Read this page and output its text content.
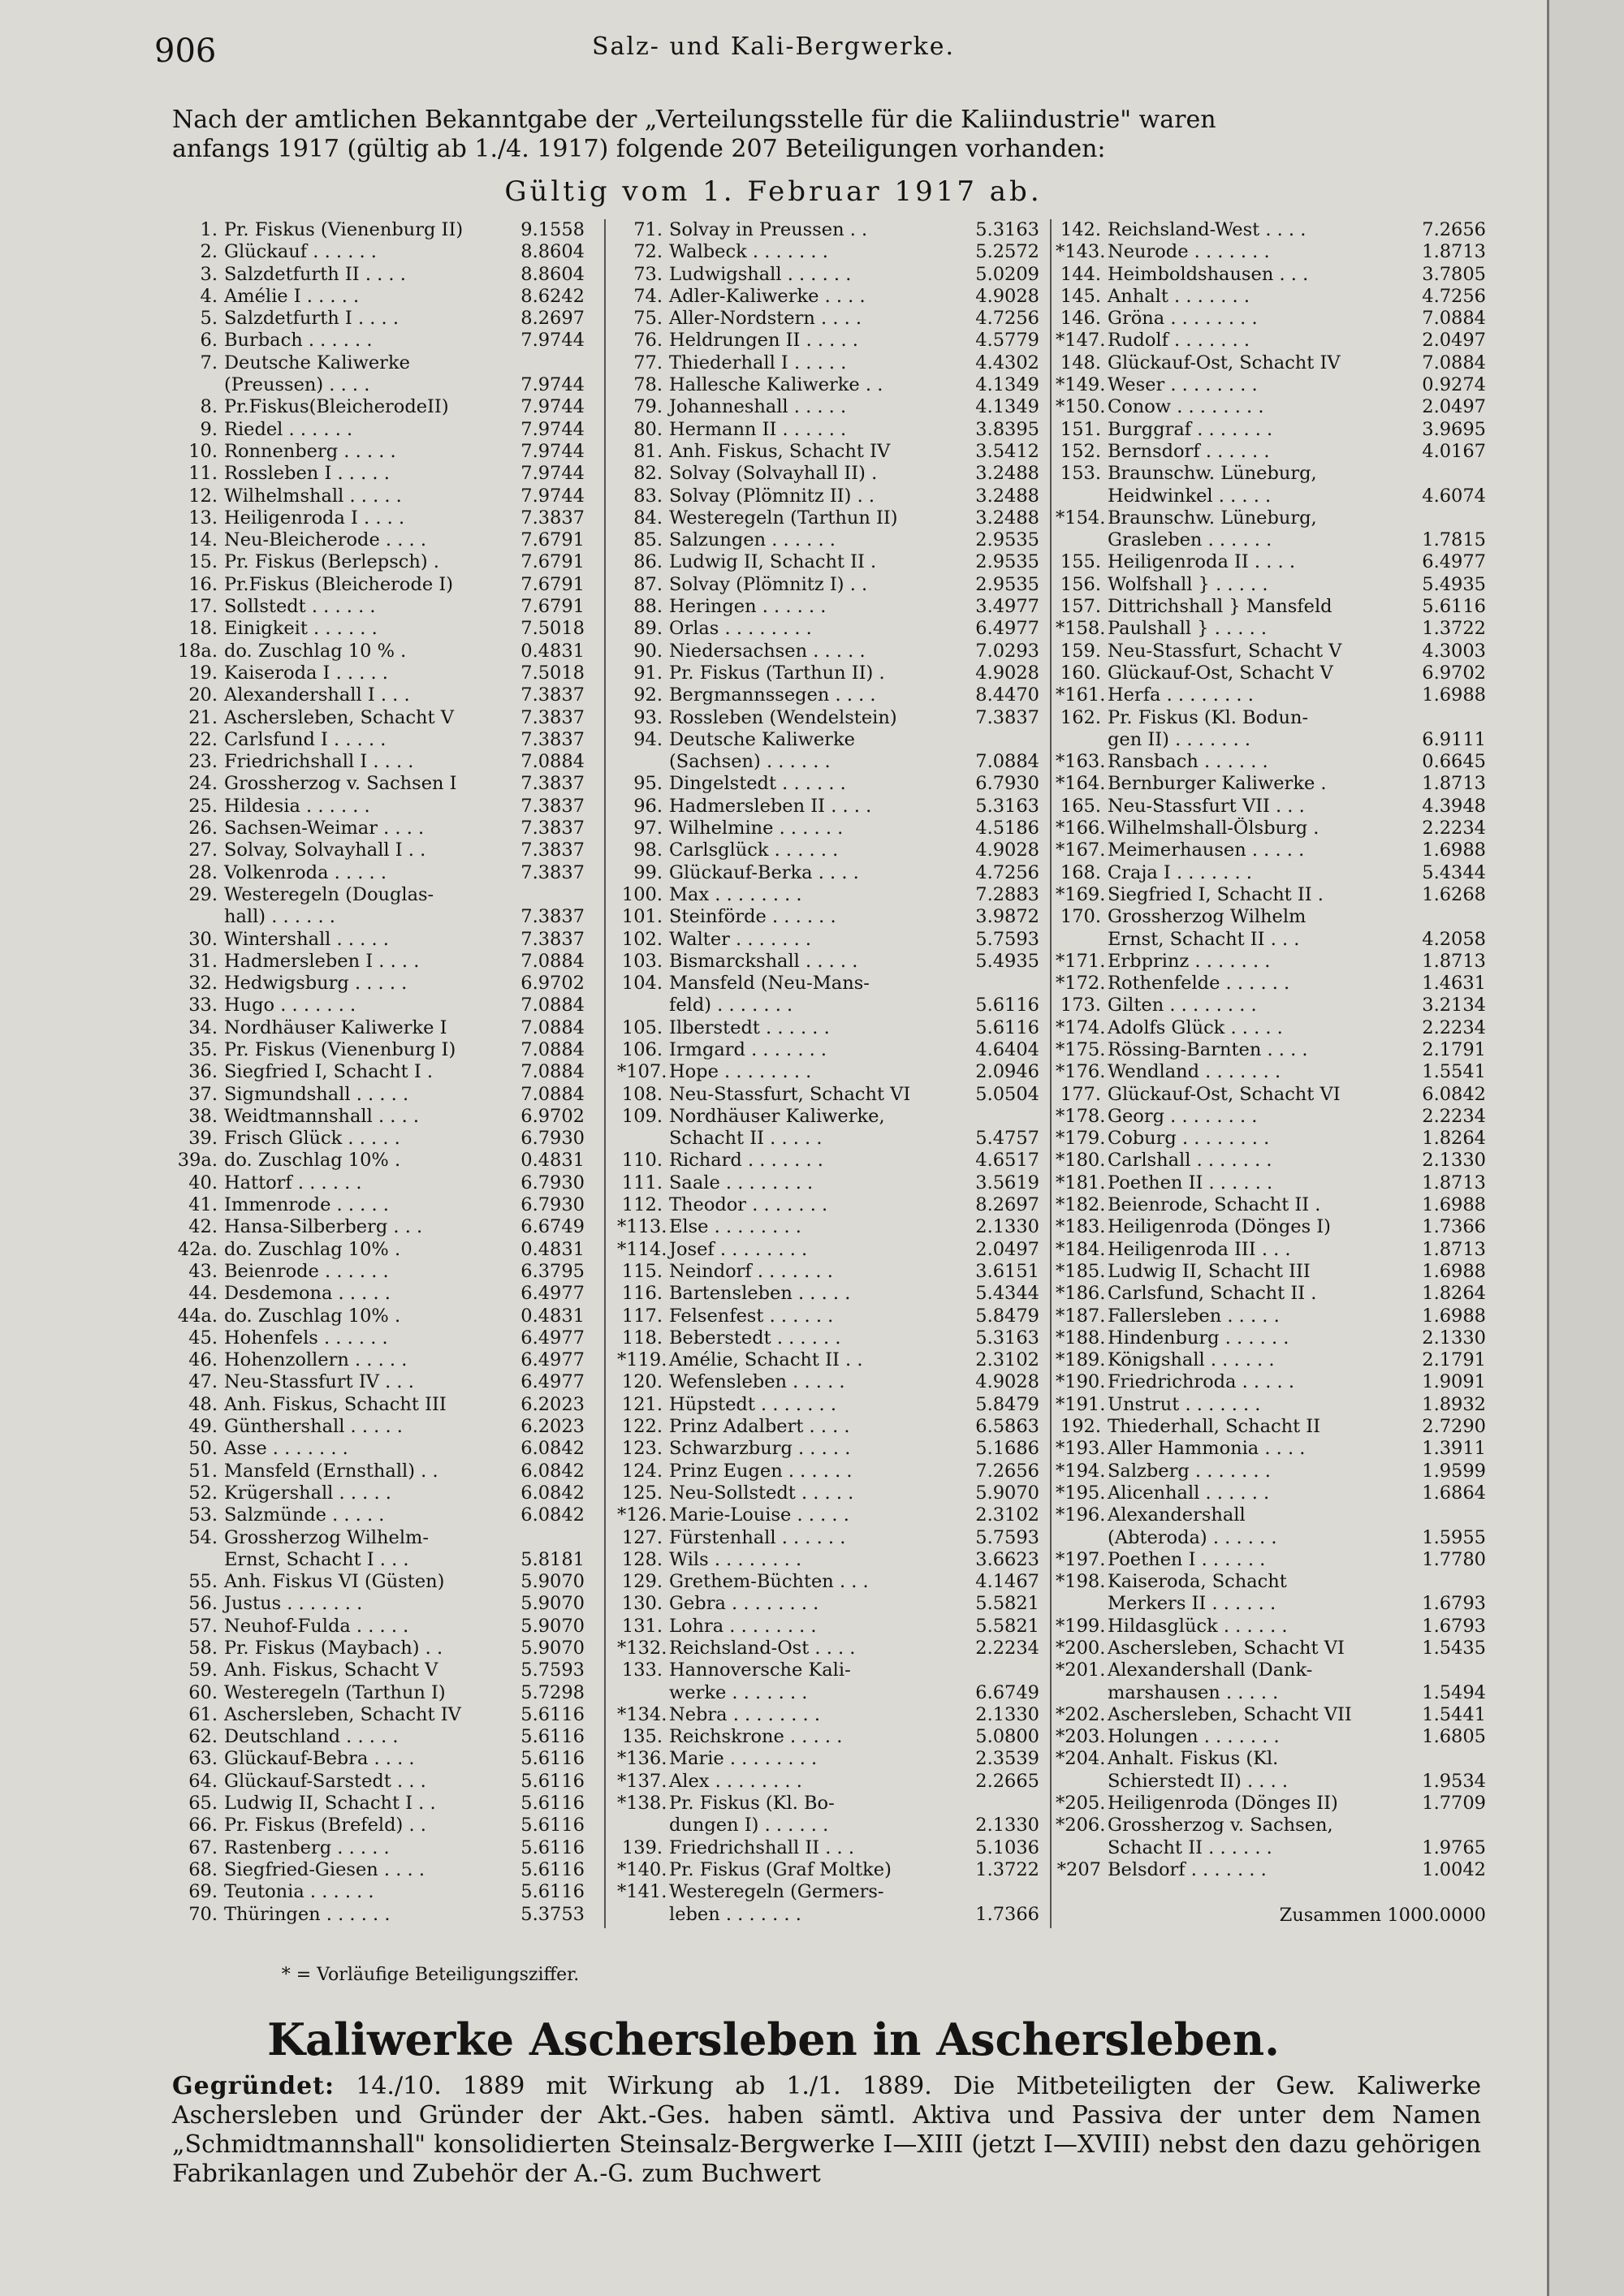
906	Salz- und Kali-Bergwerke.

Nach der amtlichen Bekanntgabe der „Verteilungsstelle für die Kaliindustrie" waren

anfangs 1917 (gültig ab 1./4. 1917) folgende 207 Beteiligungen vorhanden:

Gültig vom 1. Februar 1917 ab.
1. Pr. Fiskus (Vienenburg II)	9.1558
2. Glückauf . . . . . .	8.8604
3. Salzdetfurth II . . . .	8.8604
4. Amélie I . . . . .	8.6242
5. Salzdetfurth I . . . .	8.2697
6. Burbach . . . . . .	7.9744
7. Deutsche Kaliwerke
(Preussen) . . . .	7.9744
8. Pr.Fiskus(BleicherodeII)	7.9744
9. Riedel . . . . . .	7.9744
10. Ronnenberg . . . . .	7.9744
11. Rossleben I . . . . .	7.9744
12. Wilhelmshall . . . . .	7.9744
13. Heiligenroda I . . . .	7.3837
14. Neu-Bleicherode . . . .	7.6791
15. Pr. Fiskus (Berlepsch) .	7.6791
16. Pr.Fiskus (Bleicherode I)	7.6791
17. Sollstedt . . . . . .	7.6791
18. Einigkeit . . . . . .	7.5018
18a. do. Zuschlag 10 % .	0.4831
19. Kaiseroda I . . . . .	7.5018
20. Alexandershall I . . .	7.3837
21. Aschersleben, Schacht V	7.3837
22. Carlsfund I . . . . .	7.3837
23. Friedrichshall I . . . .	7.0884
24. Grossherzog v. Sachsen I	7.3837
25. Hildesia . . . . . .	7.3837
26. Sachsen-Weimar . . . .	7.3837
27. Solvay, Solvayhall I . .	7.3837
28. Volkenroda . . . . .	7.3837
29. Westeregeln (Douglas-
hall) . . . . . .	7.3837
30. Wintershall . . . . .	7.3837
31. Hadmersleben I . . . .	7.0884
32. Hedwigsburg . . . . .	6.9702
33. Hugo . . . . . . .	7.0884
34. Nordhäuser Kaliwerke I	7.0884
35. Pr. Fiskus (Vienenburg I)	7.0884
36. Siegfried I, Schacht I .	7.0884
37. Sigmundshall . . . . .	7.0884
38. Weidtmannshall . . . .	6.9702
39. Frisch Glück . . . . .	6.7930
39a. do. Zuschlag 10% .	0.4831
40. Hattorf . . . . . .	6.7930
41. Immenrode . . . . .	6.7930
42. Hansa-Silberberg . . .	6.6749
42a. do. Zuschlag 10% .	0.4831
43. Beienrode . . . . . .	6.3795
44. Desdemona . . . . .	6.4977
44a. do. Zuschlag 10% .	0.4831
45. Hohenfels . . . . . .	6.4977
46. Hohenzollern . . . . .	6.4977
47. Neu-Stassfurt IV . . .	6.4977
48. Anh. Fiskus, Schacht III	6.2023
49. Günthershall . . . . .	6.2023
50. Asse . . . . . . .	6.0842
51. Mansfeld (Ernsthall) . .	6.0842
52. Krügershall . . . . .	6.0842
53. Salzmünde . . . . .	6.0842
54. Grossherzog Wilhelm-
Ernst, Schacht I . . .	5.8181
55. Anh. Fiskus VI (Güsten)	5.9070
56. Justus . . . . . . .	5.9070
57. Neuhof-Fulda . . . . .	5.9070
58. Pr. Fiskus (Maybach) . .	5.9070
59. Anh. Fiskus, Schacht V	5.7593
60. Westeregeln (Tarthun I)	5.7298
61. Aschersleben, Schacht IV	5.6116
62. Deutschland . . . . .	5.6116
63. Glückauf-Bebra . . . .	5.6116
64. Glückauf-Sarstedt . . .	5.6116
65. Ludwig II, Schacht I . .	5.6116
66. Pr. Fiskus (Brefeld) . .	5.6116
67. Rastenberg . . . . .	5.6116
68. Siegfried-Giesen . . . .	5.6116
69. Teutonia . . . . . .	5.6116
70. Thüringen . . . . . .	5.3753
71. Solvay in Preussen . .	5.3163
72. Walbeck . . . . . . .	5.2572
73. Ludwigshall . . . . . .	5.0209
74. Adler-Kaliwerke . . . .	4.9028
75. Aller-Nordstern . . . .	4.7256
76. Heldrungen II . . . . .	4.5779
77. Thiederhall I . . . . .	4.4302
78. Hallesche Kaliwerke . .	4.1349
79. Johanneshall . . . . .	4.1349
80. Hermann II . . . . . .	3.8395
81. Anh. Fiskus, Schacht IV	3.5412
82. Solvay (Solvayhall II) .	3.2488
83. Solvay (Plömnitz II) . .	3.2488
84. Westeregeln (Tarthun II)	3.2488
85. Salzungen . . . . . .	2.9535
86. Ludwig II, Schacht II .	2.9535
87. Solvay (Plömnitz I) . .	2.9535
88. Heringen . . . . . .	3.4977
89. Orlas . . . . . . . .	6.4977
90. Niedersachsen . . . . .	7.0293
91. Pr. Fiskus (Tarthun II) .	4.9028
92. Bergmannssegen . . . .	8.4470
93. Rossleben (Wendelstein)	7.3837
94. Deutsche Kaliwerke
(Sachsen) . . . . . .	7.0884
95. Dingelstedt . . . . . .	6.7930
96. Hadmersleben II . . . .	5.3163
97. Wilhelmine . . . . . .	4.5186
98. Carlsglück . . . . . .	4.9028
99. Glückauf-Berka . . . .	4.7256
100. Max . . . . . . . .	7.2883
101. Steinförde . . . . . .	3.9872
102. Walter . . . . . . .	5.7593
103. Bismarckshall . . . . .	5.4935
104. Mansfeld (Neu-Mans-
feld) . . . . . . .	5.6116
105. Ilberstedt . . . . . .	5.6116
106. Irmgard . . . . . . .	4.6404
*107. Hope . . . . . . . .	2.0946
108. Neu-Stassfurt, Schacht VI	5.0504
109. Nordhäuser Kaliwerke,
Schacht II . . . . .	5.4757
110. Richard . . . . . . .	4.6517
111. Saale . . . . . . . .	3.5619
112. Theodor . . . . . . .	8.2697
*113. Else . . . . . . . .	2.1330
*114. Josef . . . . . . . .	2.0497
115. Neindorf . . . . . . .	3.6151
116. Bartensleben . . . . .	5.4344
117. Felsenfest . . . . . .	5.8479
118. Beberstedt . . . . . .	5.3163
*119. Amélie, Schacht II . .	2.3102
120. Wefensleben . . . . .	4.9028
121. Hüpstedt . . . . . . .	5.8479
122. Prinz Adalbert . . . .	6.5863
123. Schwarzburg . . . . .	5.1686
124. Prinz Eugen . . . . . .	7.2656
125. Neu-Sollstedt . . . . .	5.9070
*126. Marie-Louise . . . . .	2.3102
127. Fürstenhall . . . . . .	5.7593
128. Wils . . . . . . . .	3.6623
129. Grethem-Büchten . . .	4.1467
130. Gebra . . . . . . . .	5.5821
131. Lohra . . . . . . . .	5.5821
*132. Reichsland-Ost . . . .	2.2234
133. Hannoversche Kali-
werke . . . . . . .	6.6749
*134. Nebra . . . . . . . .	2.1330
135. Reichskrone . . . . .	5.0800
*136. Marie . . . . . . . .	2.3539
*137. Alex . . . . . . . .	2.2665
*138. Pr. Fiskus (Kl. Bo-
dungen I) . . . . . .	2.1330
139. Friedrichshall II . . .	5.1036
*140. Pr. Fiskus (Graf Moltke)	1.3722
*141. Westeregeln (Germers-
leben . . . . . . .	1.7366
142. Reichsland-West . . . .	7.2656
*143. Neurode . . . . . . .	1.8713
144. Heimboldshausen . . .	3.7805
145. Anhalt . . . . . . .	4.7256
146. Gröna . . . . . . . .	7.0884
*147. Rudolf . . . . . . .	2.0497
148. Glückauf-Ost, Schacht IV	7.0884
*149. Weser . . . . . . . .	0.9274
*150. Conow . . . . . . . .	2.0497
151. Burggraf . . . . . . .	3.9695
152. Bernsdorf . . . . . .	4.0167
153. Braunschw. Lüneburg,
Heidwinkel . . . . .	4.6074
*154. Braunschw. Lüneburg,
Grasleben . . . . . .	1.7815
155. Heiligenroda II . . . .	6.4977
156. Wolfshall } . . . . .	5.4935
157. Dittrichshall } Mansfeld	5.6116
*158. Paulshall } . . . . .	1.3722
159. Neu-Stassfurt, Schacht V	4.3003
160. Glückauf-Ost, Schacht V	6.9702
*161. Herfa . . . . . . . .	1.6988
162. Pr. Fiskus (Kl. Bodun-
gen II) . . . . . . .	6.9111
*163. Ransbach . . . . . .	0.6645
*164. Bernburger Kaliwerke .	1.8713
165. Neu-Stassfurt VII . . .	4.3948
*166. Wilhelmshall-Ölsburg .	2.2234
*167. Meimerhausen . . . . .	1.6988
168. Craja I . . . . . . .	5.4344
*169. Siegfried I, Schacht II .	1.6268
170. Grossherzog Wilhelm
Ernst, Schacht II . . .	4.2058
*171. Erbprinz . . . . . . .	1.8713
*172. Rothenfelde . . . . . .	1.4631
173. Gilten . . . . . . . .	3.2134
*174. Adolfs Glück . . . . .	2.2234
*175. Rössing-Barnten . . . .	2.1791
*176. Wendland . . . . . . .	1.5541
177. Glückauf-Ost, Schacht VI	6.0842
*178. Georg . . . . . . . .	2.2234
*179. Coburg . . . . . . . .	1.8264
*180. Carlshall . . . . . . .	2.1330
*181. Poethen II . . . . . .	1.8713
*182. Beienrode, Schacht II .	1.6988
*183. Heiligenroda (Dönges I)	1.7366
*184. Heiligenroda III . . .	1.8713
*185. Ludwig II, Schacht III	1.6988
*186. Carlsfund, Schacht II .	1.8264
*187. Fallersleben . . . . .	1.6988
*188. Hindenburg . . . . . .	2.1330
*189. Königshall . . . . . .	2.1791
*190. Friedrichroda . . . . .	1.9091
*191. Unstrut . . . . . . .	1.8932
192. Thiederhall, Schacht II	2.7290
*193. Aller Hammonia . . . .	1.3911
*194. Salzberg . . . . . . .	1.9599
*195. Alicenhall . . . . . .	1.6864
*196. Alexandershall
(Abteroda) . . . . . .	1.5955
*197. Poethen I . . . . . .	1.7780
*198. Kaiseroda, Schacht
Merkers II . . . . . .	1.6793
*199. Hildasglück . . . . . .	1.6793
*200. Aschersleben, Schacht VI	1.5435
*201. Alexandershall (Dank-
marshausen . . . . .	1.5494
*202. Aschersleben, Schacht VII	1.5441
*203. Holungen . . . . . . .	1.6805
*204. Anhalt. Fiskus (Kl.
Schierstedt II) . . . .	1.9534
*205. Heiligenroda (Dönges II)	1.7709
*206. Grossherzog v. Sachsen,
Schacht II . . . . . .	1.9765
*207 Belsdorf . . . . . . .	1.0042
Zusammen 1000.0000
* = Vorläufige Beteiligungsziffer.
Kaliwerke Aschersleben in Aschersleben.

Gegründet: 14./10. 1889 mit Wirkung ab 1./1. 1889. Die Mitbeteiligten der Gew. Kaliwerke Aschersleben und Gründer der Akt.-Ges. haben sämtl. Aktiva und Passiva der unter dem Namen „Schmidtmannshall" konsolidierten Steinsalz-Bergwerke I—XIII (jetzt I—XVIII) nebst den dazu gehörigen Fabrikanlagen und Zubehör der A.-G. zum Buchwert
